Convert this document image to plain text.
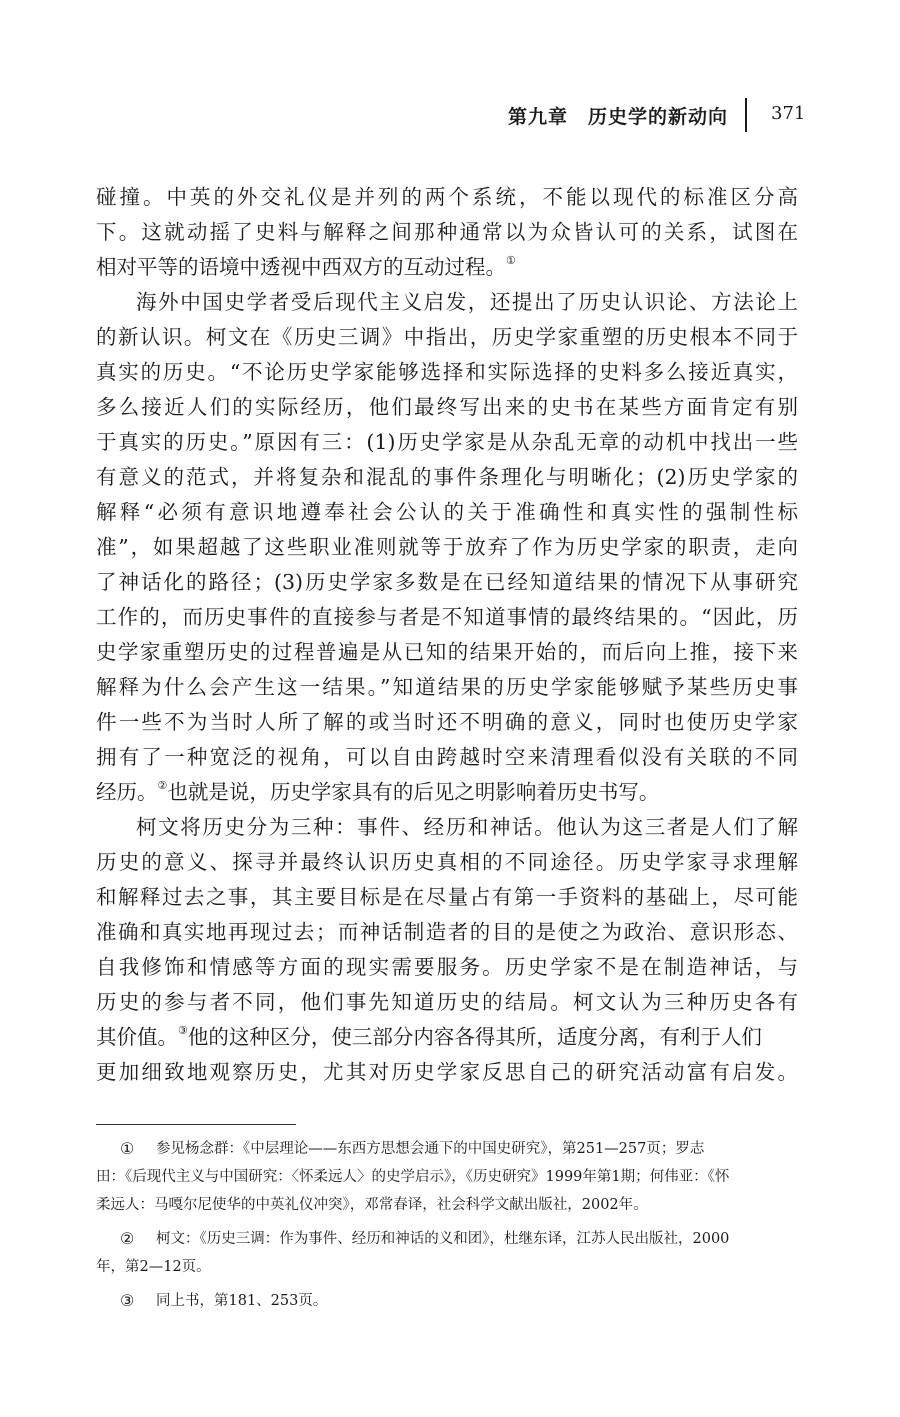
第九章　历史学的新动向 371
碰撞。中英的外交礼仪是并列的两个系统，不能以现代的标准区分高
下。这就动摇了史料与解释之间那种通常以为众皆认可的关系，试图在
相对平等的语境中透视中西双方的互动过程。①
海外中国史学者受后现代主义启发，还提出了历史认识论、方法论上
的新认识。柯文在《历史三调》中指出，历史学家重塑的历史根本不同于
真实的历史。“不论历史学家能够选择和实际选择的史料多么接近真实，
多么接近人们的实际经历，他们最终写出来的史书在某些方面肯定有别
于真实的历史。”原因有三：(1)历史学家是从杂乱无章的动机中找出一些
有意义的范式，并将复杂和混乱的事件条理化与明晰化；(2)历史学家的
解释“必须有意识地遵奉社会公认的关于准确性和真实性的强制性标
准”，如果超越了这些职业准则就等于放弃了作为历史学家的职责，走向
了神话化的路径；(3)历史学家多数是在已经知道结果的情况下从事研究
工作的，而历史事件的直接参与者是不知道事情的最终结果的。“因此，历
史学家重塑历史的过程普遍是从已知的结果开始的，而后向上推，接下来
解释为什么会产生这一结果。”知道结果的历史学家能够赋予某些历史事
件一些不为当时人所了解的或当时还不明确的意义，同时也使历史学家
拥有了一种宽泛的视角，可以自由跨越时空来清理看似没有关联的不同
经历。②也就是说，历史学家具有的后见之明影响着历史书写。
柯文将历史分为三种：事件、经历和神话。他认为这三者是人们了解
历史的意义、探寻并最终认识历史真相的不同途径。历史学家寻求理解
和解释过去之事，其主要目标是在尽量占有第一手资料的基础上，尽可能
准确和真实地再现过去；而神话制造者的目的是使之为政治、意识形态、
自我修饰和情感等方面的现实需要服务。历史学家不是在制造神话，与
历史的参与者不同，他们事先知道历史的结局。柯文认为三种历史各有
其价值。③他的这种区分，使三部分内容各得其所，适度分离，有利于人们
更加细致地观察历史，尤其对历史学家反思自己的研究活动富有启发。
① 参见杨念群：《中层理论——东西方思想会通下的中国史研究》，第251—257页；罗志
田：《后现代主义与中国研究：〈怀柔远人〉的史学启示》，《历史研究》1999年第1期；何伟亚：《怀
柔远人：马嘎尔尼使华的中英礼仪冲突》，邓常春译，社会科学文献出版社，2002年。
② 柯文：《历史三调：作为事件、经历和神话的义和团》，杜继东译，江苏人民出版社，2000
年，第2—12页。
③ 同上书，第181、253页。
